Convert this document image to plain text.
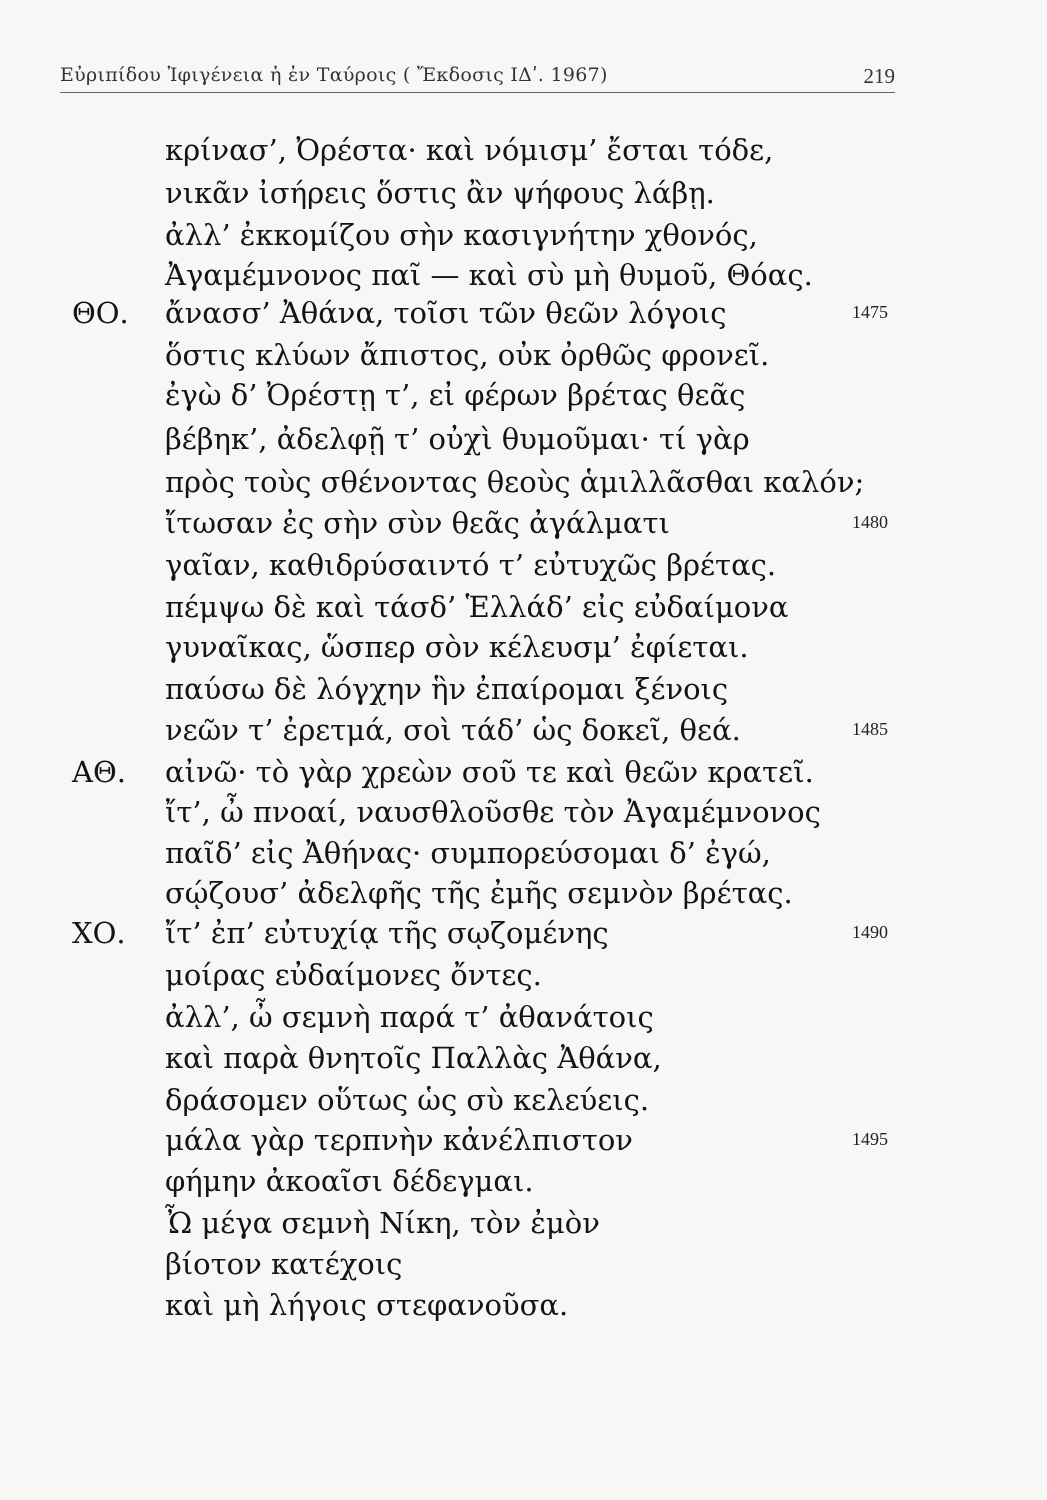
Εὐριπίδου Ἰφιγένεια ἡ ἐν Ταύροις ( Ἔκδοσις ΙΔʹ. 1967)	219
κρίνασ’, Ὀρέστα· καὶ νόμισμ’ ἔσται τόδε,
νικᾶν ἰσήρεις ὅστις ἂν ψήφους λάβῃ.
ἀλλ’ ἐκκομίζου σὴν κασιγνήτην χθονός,
Ἀγαμέμνονος παῖ — καὶ σὺ μὴ θυμοῦ, Θόας.
ΘΟ. ἄνασσ’ Ἀθάνα, τοῖσι τῶν θεῶν λόγοις	1475
ὅστις κλύων ἄπιστος, οὐκ ὀρθῶς φρονεῖ.
ἐγὼ δ’ Ὀρέστῃ τ’, εἰ φέρων βρέτας θεᾶς
βέβηκ’, ἀδελφῇ τ’ οὐχὶ θυμοῦμαι· τί γὰρ
πρὸς τοὺς σθένοντας θεοὺς ἁμιλλᾶσθαι καλόν;
ἴτωσαν ἐς σὴν σὺν θεᾶς ἀγάλματι	1480
γαῖαν, καθιδρύσαιντό τ’ εὐτυχῶς βρέτας.
πέμψω δὲ καὶ τάσδ’ Ἑλλάδ’ εἰς εὐδαίμονα
γυναῖκας, ὥσπερ σὸν κέλευσμ’ ἐφίεται.
παύσω δὲ λόγχην ἣν ἐπαίρομαι ξένοις
νεῶν τ’ ἐρετμά, σοὶ τάδ’ ὡς δοκεῖ, θεά.	1485
ΑΘ. αἰνῶ· τὸ γὰρ χρεὼν σοῦ τε καὶ θεῶν κρατεῖ.
ἴτ’, ὦ πνοαί, ναυσθλοῦσθε τὸν Ἀγαμέμνονος
παῖδ’ εἰς Ἀθήνας· συμπορεύσομαι δ’ ἐγώ,
σῴζουσ’ ἀδελφῆς τῆς ἐμῆς σεμνὸν βρέτας.
ΧΟ. ἴτ’ ἐπ’ εὐτυχίᾳ τῆς σῳζομένης	1490
μοίρας εὐδαίμονες ὄντες.
ἀλλ’, ὦ σεμνὴ παρά τ’ ἀθανάτοις
καὶ παρὰ θνητοῖς Παλλὰς Ἀθάνα,
δράσομεν οὕτως ὡς σὺ κελεύεις.
μάλα γὰρ τερπνὴν κἀνέλπιστον	1495
φήμην ἀκοαῖσι δέδεγμαι.
Ὦ μέγα σεμνὴ Νίκη, τὸν ἐμὸν
βίοτον κατέχοις
καὶ μὴ λήγοις στεφανοῦσα.
